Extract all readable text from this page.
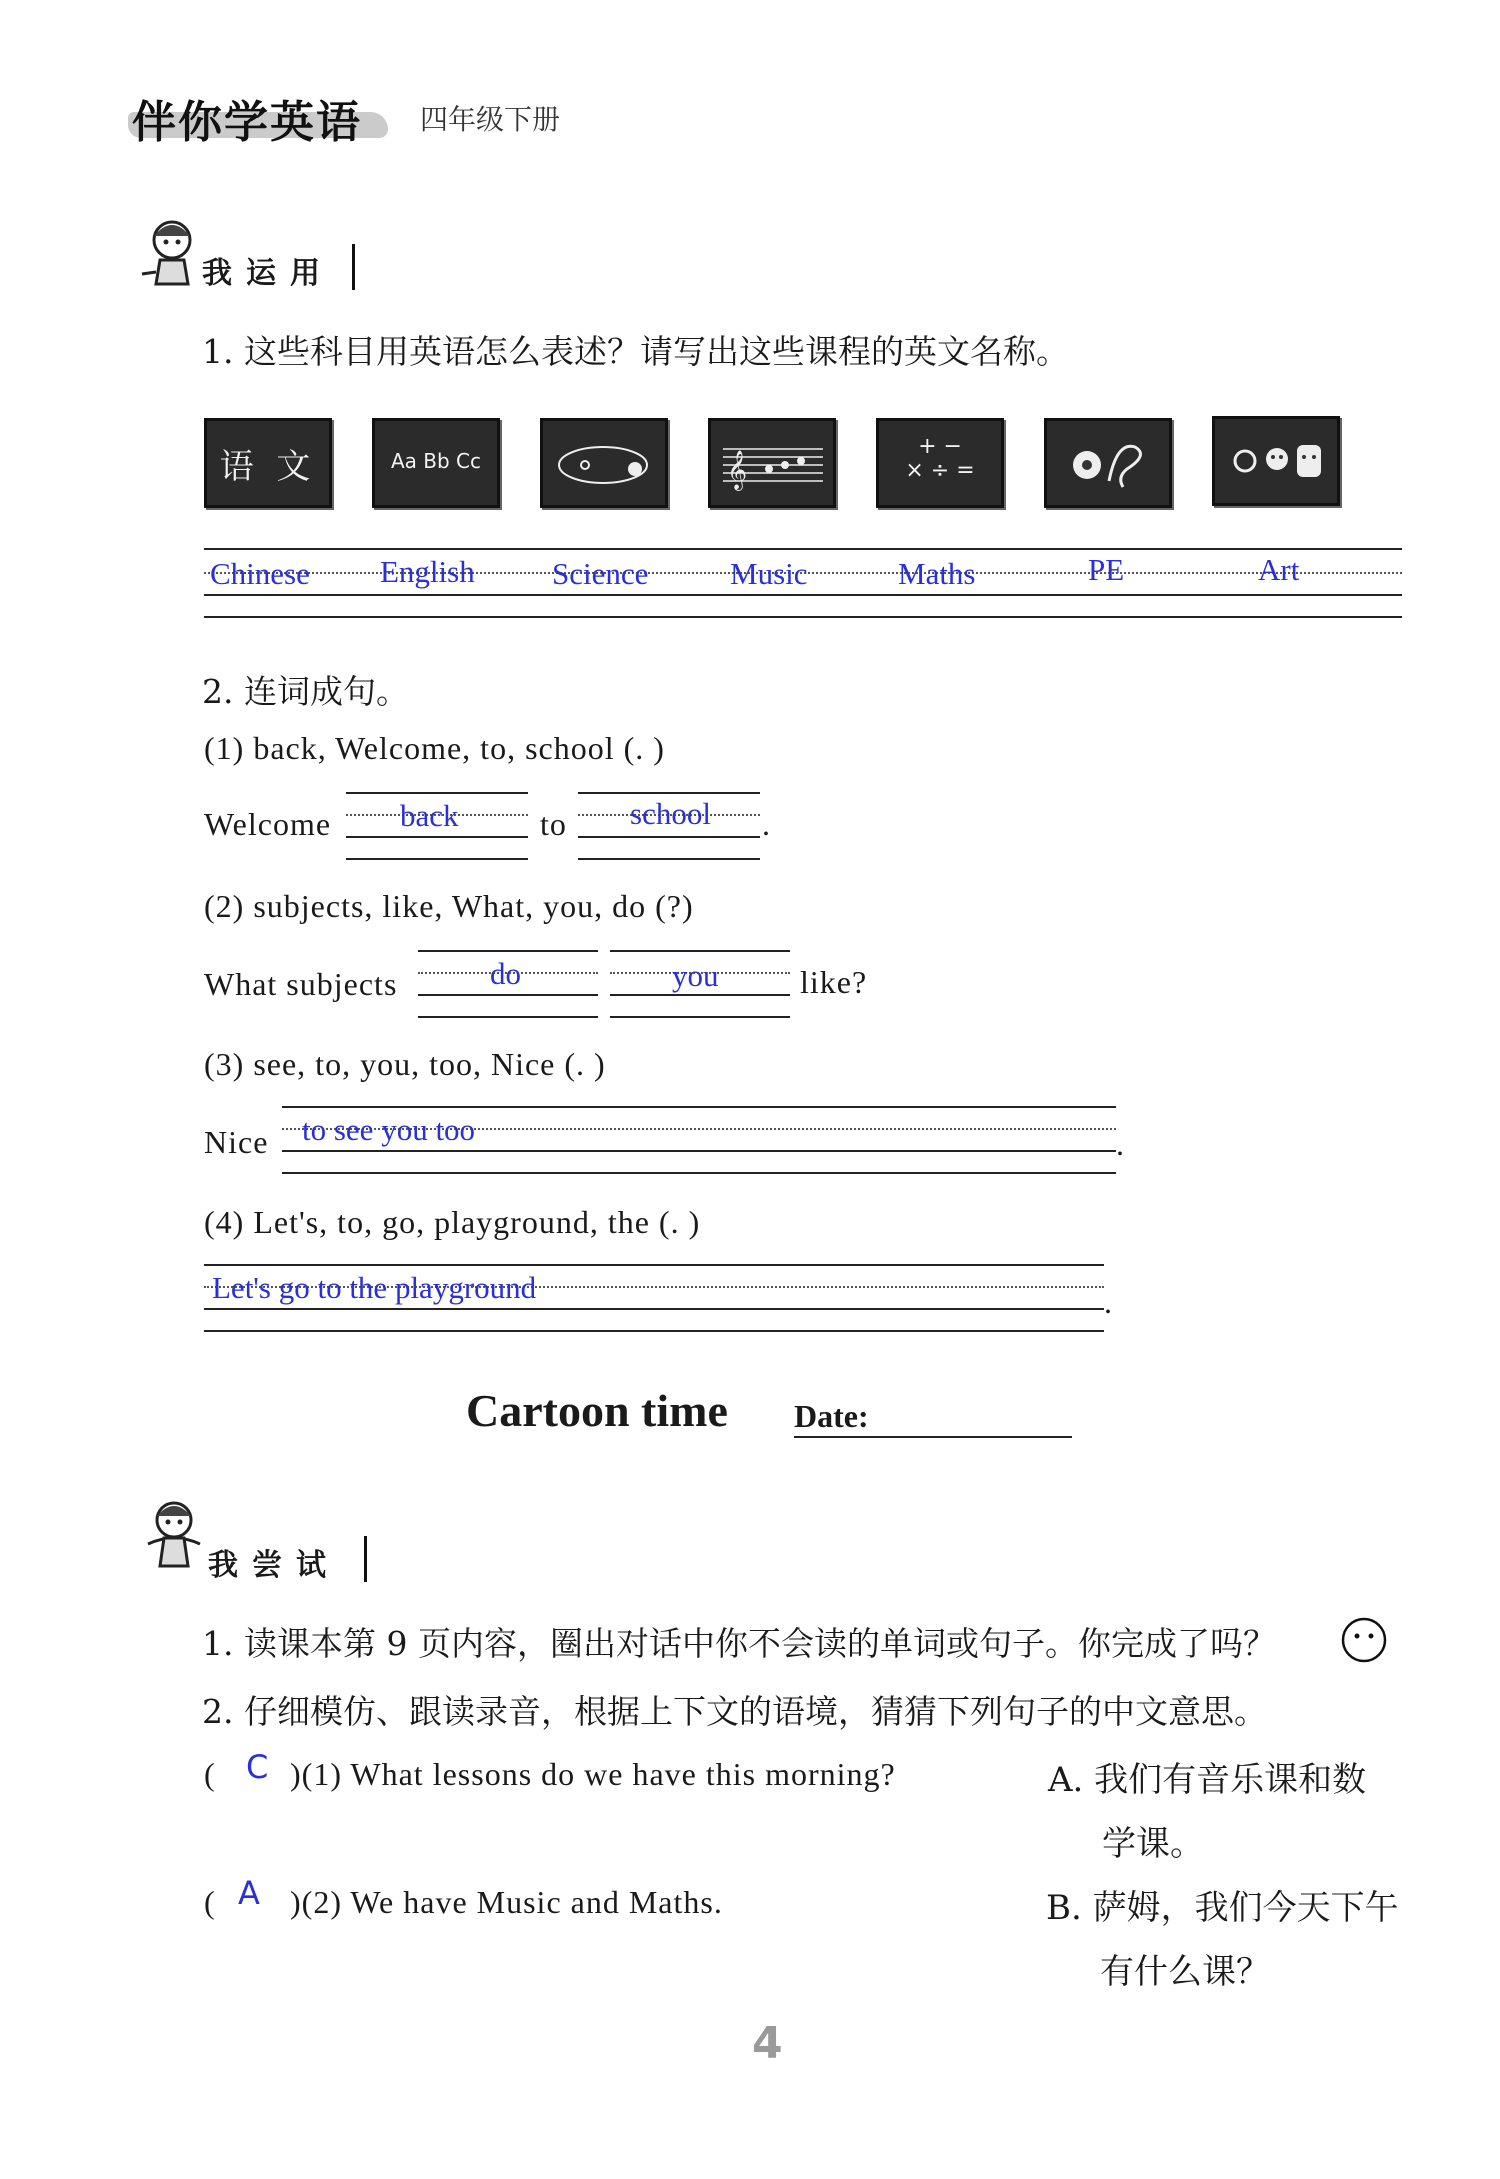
伴你学英语 四年级下册
我运用
1. 这些科目用英语怎么表述？请写出这些课程的英文名称。
语 文	Aa Bb Cc	𝄞
+ −
× ÷ =
Chinese English Science	Music	Maths	PE	Art
2. 连词成句。
(1) back, Welcome, to, school (. )
Welcome back	to school .
(2) subjects, like, What, you, do (?)
What subjects	do	you	like?
(3) see, to, you, too, Nice (. )
Nice to see you too	.
(4) Let's, to, go, playground, the (. )
Let's go to the playground	.
Cartoon time Date:
我尝试
1. 读课本第 9 页内容，圈出对话中你不会读的单词或句子。你完成了吗？
2. 仔细模仿、跟读录音，根据上下文的语境，猜猜下列句子的中文意思。
( C )(1) What lessons do we have this morning?	A. 我们有音乐课和数
学课。
( A )(2) We have Music and Maths.	B. 萨姆，我们今天下午
有什么课？
4
